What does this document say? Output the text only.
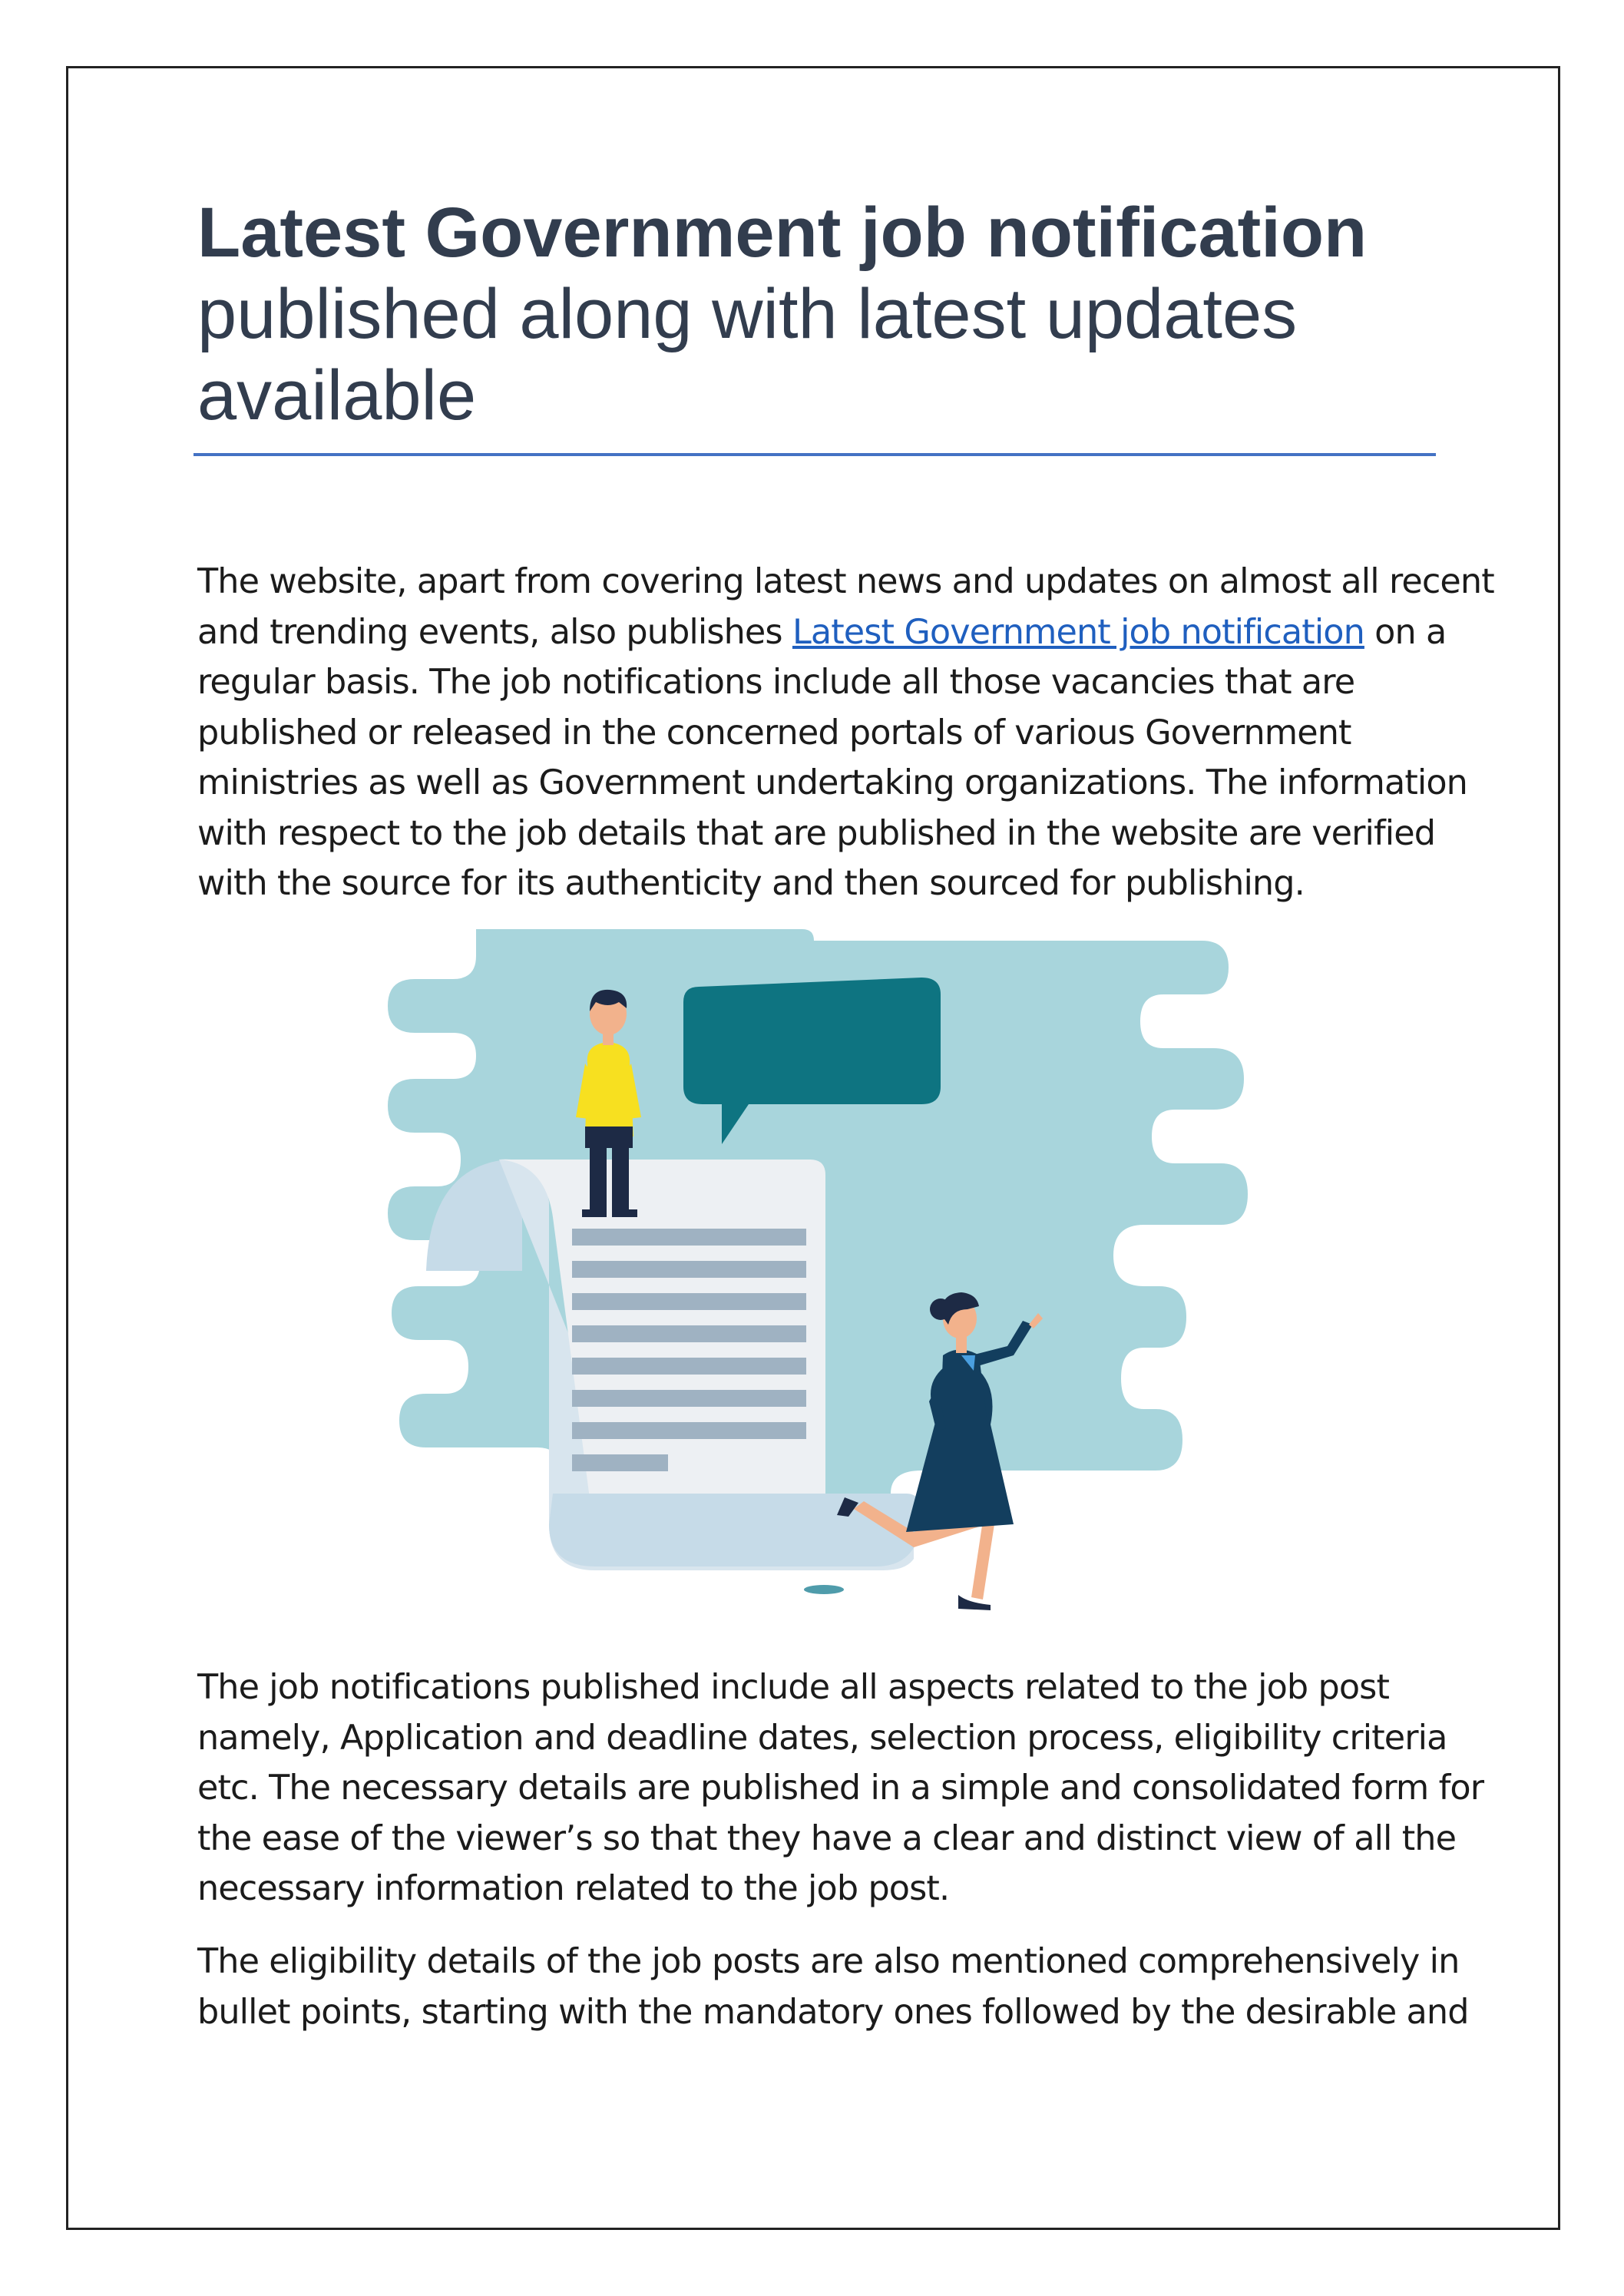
Latest Government job notification
published along with latest updates
available
The website, apart from covering latest news and updates on almost all recent
and trending events, also publishes Latest Government job notification on a
regular basis. The job notifications include all those vacancies that are
published or released in the concerned portals of various Government
ministries as well as Government undertaking organizations. The information
with respect to the job details that are published in the website are verified
with the source for its authenticity and then sourced for publishing.
The job notifications published include all aspects related to the job post
namely, Application and deadline dates, selection process, eligibility criteria
etc. The necessary details are published in a simple and consolidated form for
the ease of the viewer’s so that they have a clear and distinct view of all the
necessary information related to the job post.
The eligibility details of the job posts are also mentioned comprehensively in
bullet points, starting with the mandatory ones followed by the desirable and
